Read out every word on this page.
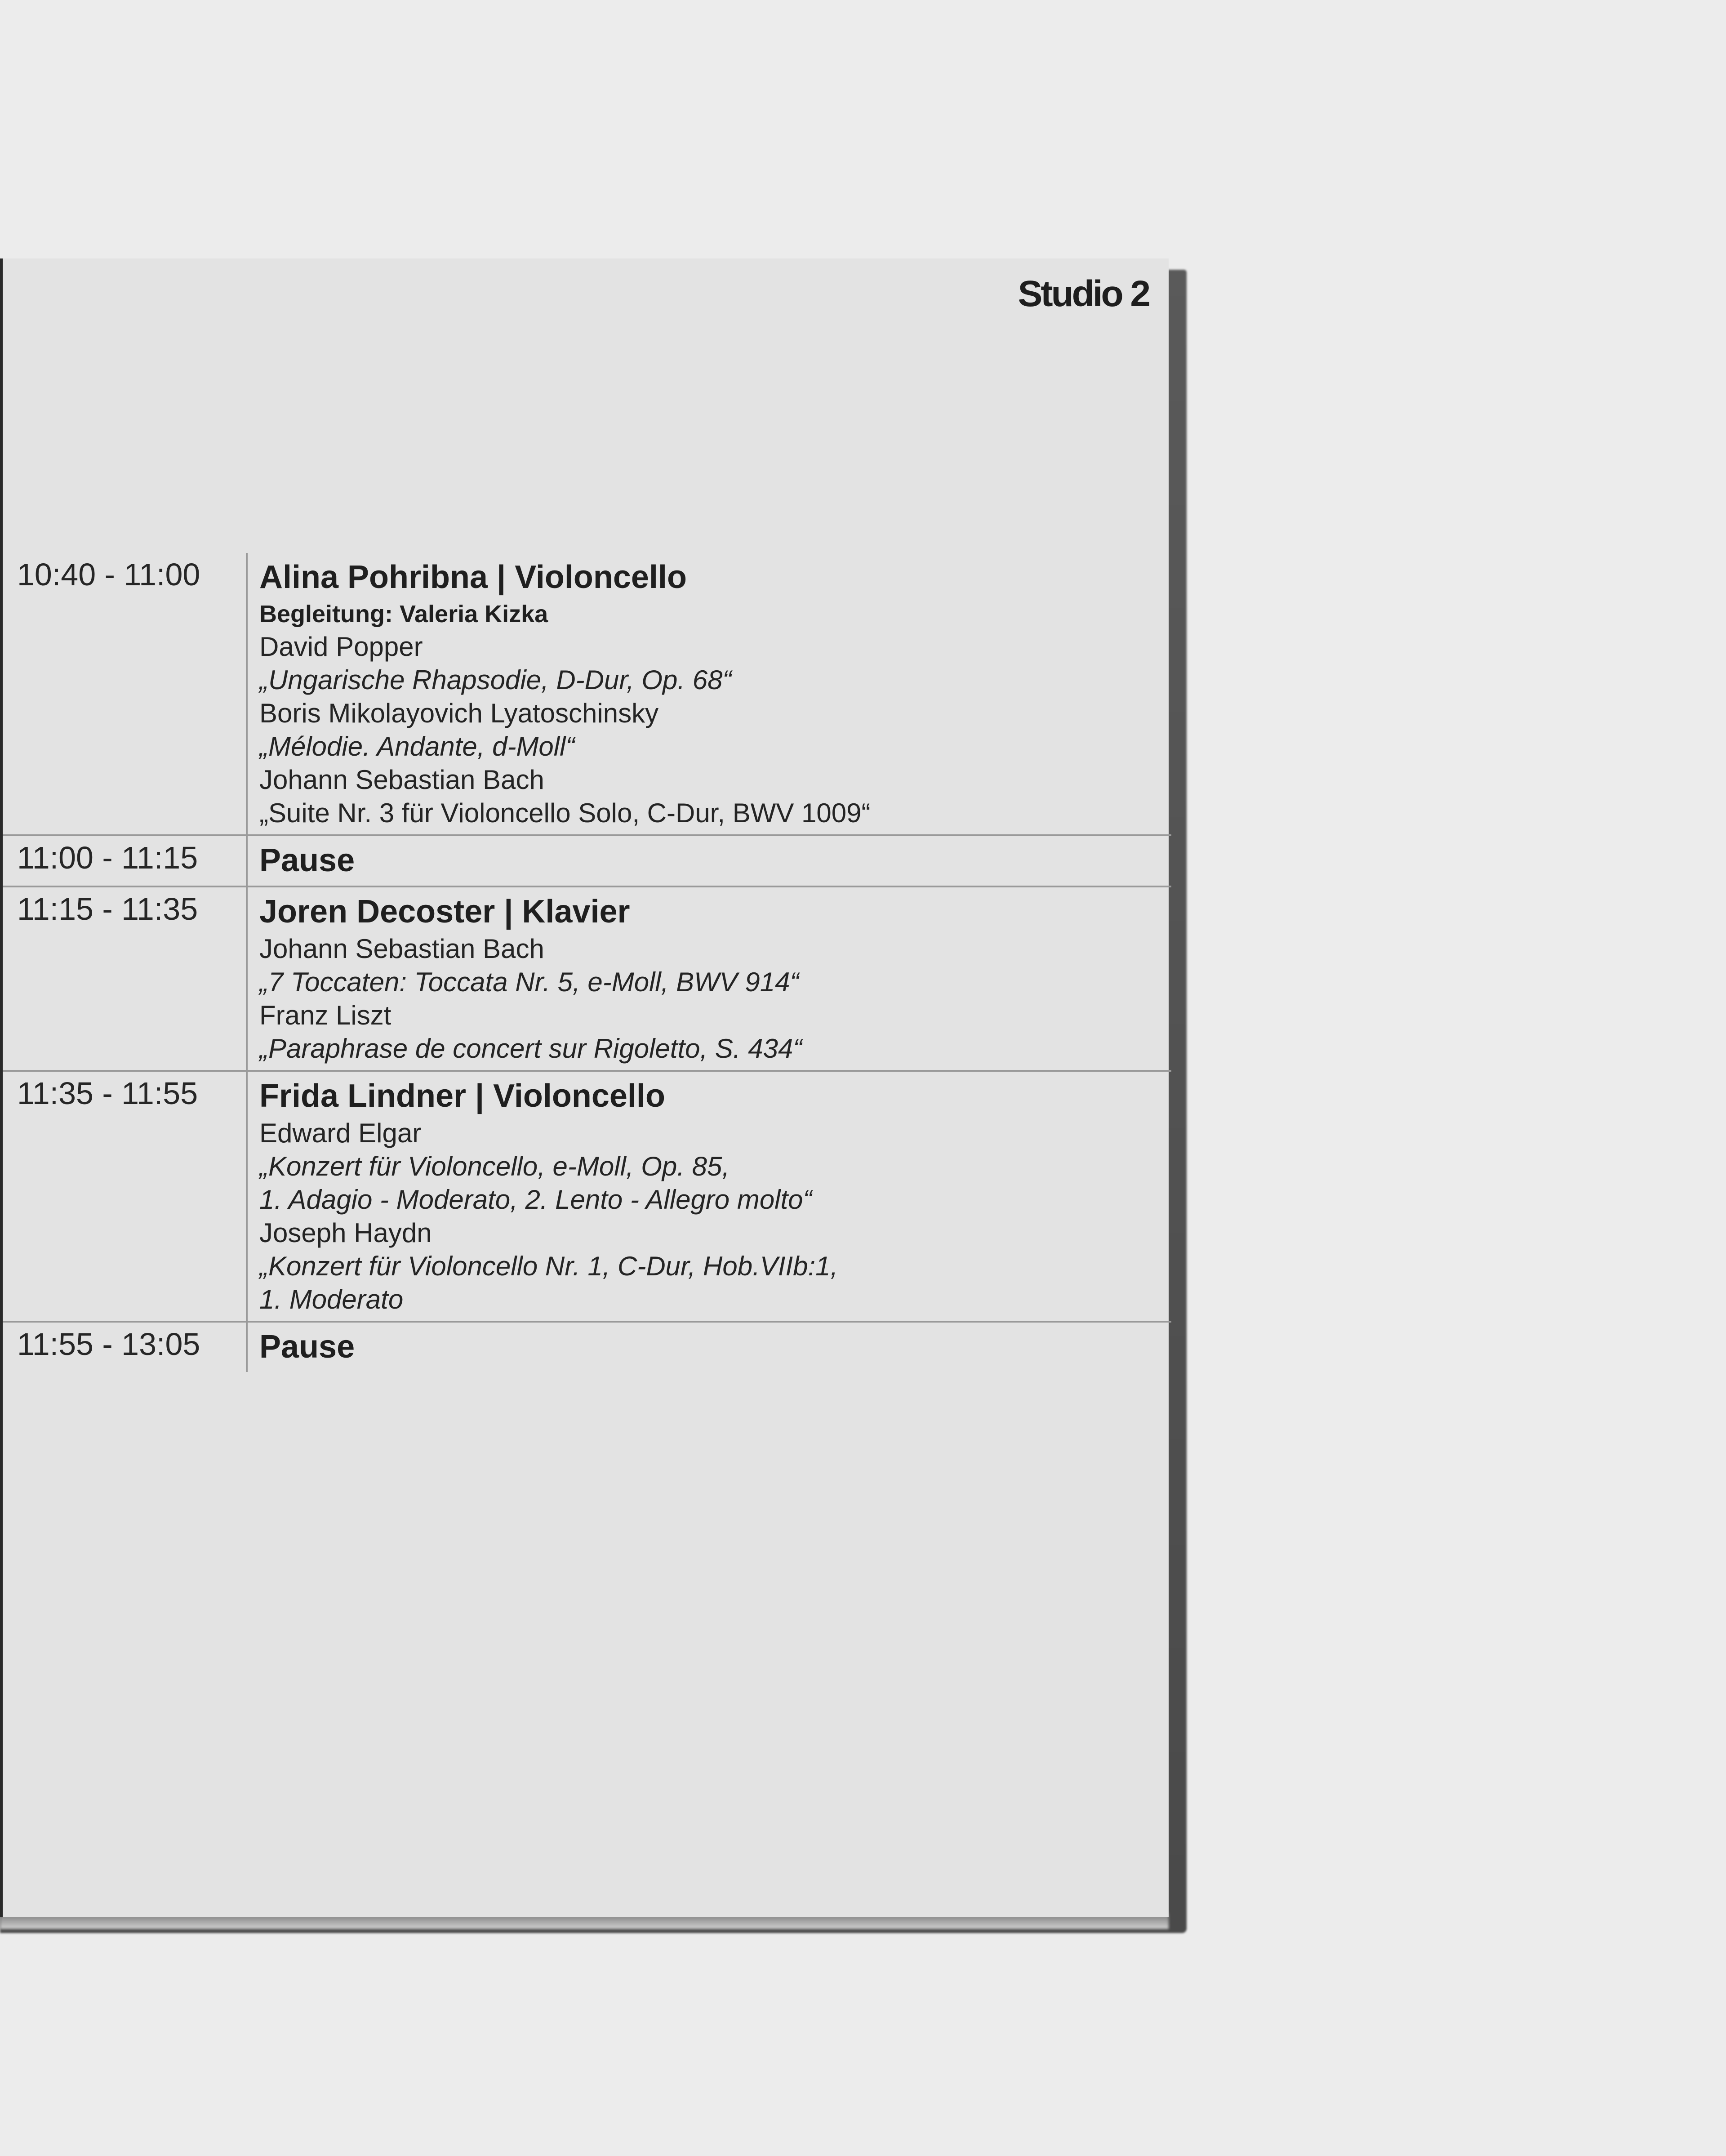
Studio 2
10:40 - 11:00	Alina Pohribna | Violoncello
Begleitung: Valeria Kizka
David Popper
„Ungarische Rhapsodie, D-Dur, Op. 68“
Boris Mikolayovich Lyatoschinsky
„Mélodie. Andante, d-Moll“
Johann Sebastian Bach
„Suite Nr. 3 für Violoncello Solo, C-Dur, BWV 1009“
11:00 - 11:15	Pause
11:15 - 11:35	Joren Decoster | Klavier
Johann Sebastian Bach
„7 Toccaten: Toccata Nr. 5, e-Moll, BWV 914“
Franz Liszt
„Paraphrase de concert sur Rigoletto, S. 434“
11:35 - 11:55	Frida Lindner | Violoncello
Edward Elgar
„Konzert für Violoncello, e-Moll, Op. 85,
1. Adagio - Moderato, 2. Lento - Allegro molto“
Joseph Haydn
„Konzert für Violoncello Nr. 1, C-Dur, Hob.VIIb:1,
1. Moderato
11:55 - 13:05	Pause
